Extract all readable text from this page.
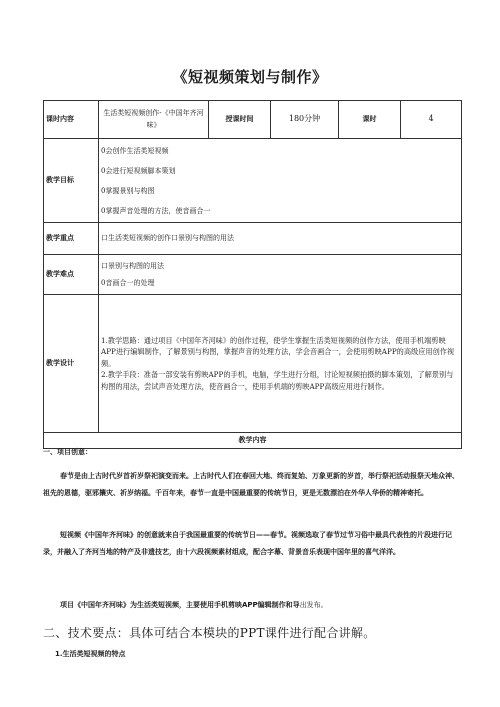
《短视频策划与制作》
课时内容	生活类短视频创作-《中国年齐河味》	授课时间	180分钟	课时	4
教学目标	0会创作生活类短视频
0会进行短视频脚本策划
0掌握景别与构图
0掌握声音处理的方法，使音画合一				

教学重点	口生活类短视频的创作口景别与构图的用法				
教学难点	口景别与构图的用法
0音画合一的处理				

教学设计	1.教学思路：通过项目《中国年齐河味》的创作过程，使学生掌握生活类短视频的创作方法，使用手机端剪映APP进行编辑制作，了解景别与构图，掌握声音的处理方法，学会音画合一，会使用剪映APP的高级应用创作视频。
2.教学手段：准备一部安装有剪映APP的手机，电脑，学生进行分组，讨论短视频拍摄的脚本策划，了解景别与构图的用法，尝试声音处理方法，使音画合一，使用手机端的剪映APP高级应用进行制作。				

教学内容					
一、项目创意：
春节是由上古时代岁首祈岁祭祀演变而来。上古时代人们在春回大地、终而复始、万象更新的岁首，举行祭祀活动报祭天地众神、祖先的恩德，驱邪攘灾、祈岁纳福。千百年来，春节一直是中国最重要的传统节日，更是无数漂泊在外华人华侨的精神寄托。
短视频《中国年齐河味》的创意就来自于我国最重要的传统节日——春节。视频选取了春节过节习俗中最具代表性的片段进行记录，并融入了齐河当地的特产及非遗技艺，由十六段视频素材组成，配合字幕、背景音乐表现中国年里的喜气洋洋。
项目《中国年齐河味》为生活类短视频，主要使用手机剪映APP编辑制作和导出发布。
二、技术要点：具体可结合本模块的PPT课件进行配合讲解。
1.生活类短视频的特点
